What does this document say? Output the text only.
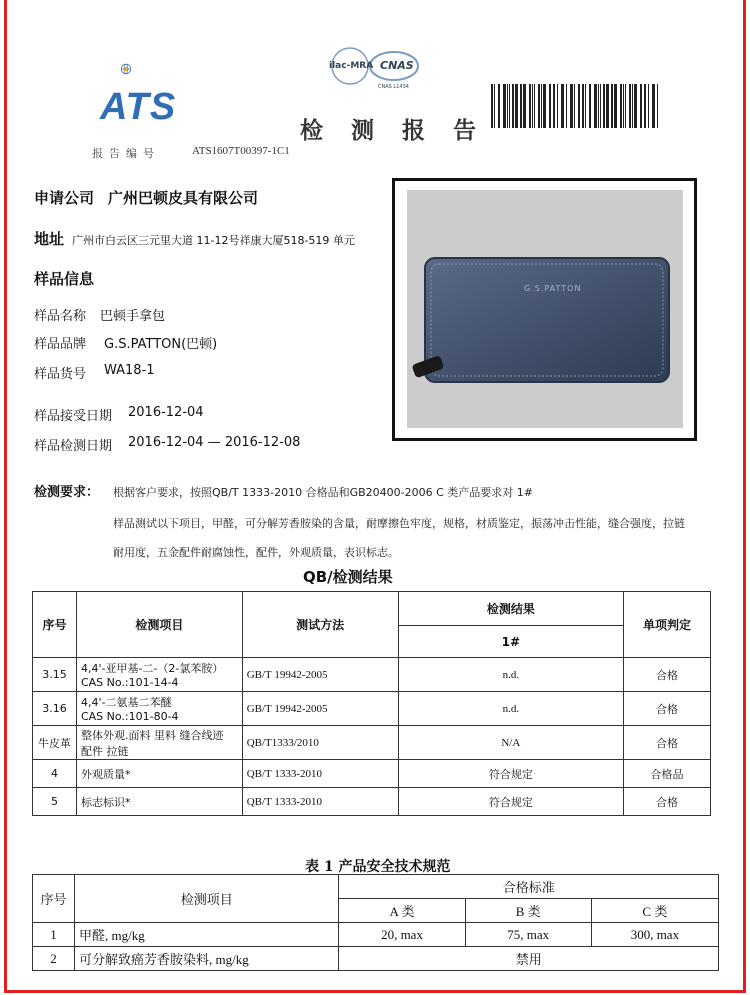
ATS
ilac-MRA CNAS
CNAS L1434
检 测 报 告
报告编号	ATS1607T00397-1C1
申请公司 广州巴顿皮具有限公司
地址 广州市白云区三元里大道 11-12号祥康大厦518-519 单元
样品信息
样品名称 巴顿手拿包
样品品牌 G.S.PATTON(巴顿)
样品货号 WA18-1
样品接受日期 2016-12-04
样品检测日期 2016-12-04 — 2016-12-08
G.S.PATTON
检测要求： 根据客户要求，按照QB/T 1333-2010 合格品和GB20400-2006 C 类产品要求对 1#
样品测试以下项目，甲醛，可分解芳香胺染的含量，耐摩擦色牢度，规格，材质鉴定，振荡冲击性能，缝合强度，拉链
耐用度，五金配件耐腐蚀性，配件，外观质量，表识标志。
QB/检测结果
序号	检测项目	测试方法	检测结果	单项判定
			1#	
3.15	4,4'-亚甲基-二-（2-氯苯胺）
CAS No.:101-14-4	GB/T 19942-2005	n.d.	合格
3.16	4,4'-二氨基二苯醚
CAS No.:101-80-4	GB/T 19942-2005	n.d.	合格
牛皮革	整体外观.面料 里料 缝合线迹
配件 拉链	QB/T1333/2010	N/A	合格
4	外观质量*	QB/T 1333-2010	符合规定	合格品
5	标志标识*	QB/T 1333-2010	符合规定	合格
表 1 产品安全技术规范
序号	检测项目	合格标准		
		A 类	B 类	C 类
1	甲醛, mg/kg	20, max	75, max	300, max
2	可分解致癌芳香胺染料, mg/kg	禁用		
